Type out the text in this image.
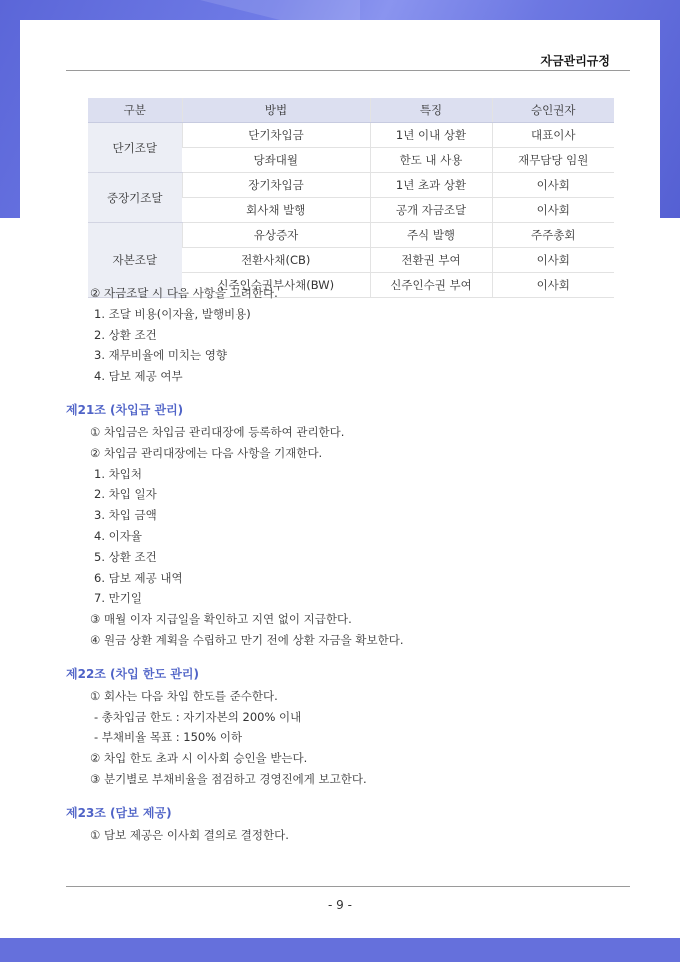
자금관리규정
구분	방법	특징	승인권자
단기조달	단기차입금	1년 이내 상환	대표이사
	당좌대월	한도 내 사용	재무담당 임원
중장기조달	장기차입금	1년 초과 상환	이사회
	회사채 발행	공개 자금조달	이사회
자본조달	유상증자	주식 발행	주주총회
	전환사채(CB)	전환권 부여	이사회
	신주인수권부사채(BW)	신주인수권 부여	이사회
② 자금조달 시 다음 사항을 고려한다.
1. 조달 비용(이자율, 발행비용)
2. 상환 조건
3. 재무비율에 미치는 영향
4. 담보 제공 여부
제21조 (차입금 관리)
① 차입금은 차입금 관리대장에 등록하여 관리한다.
② 차입금 관리대장에는 다음 사항을 기재한다.
1. 차입처
2. 차입 일자
3. 차입 금액
4. 이자율
5. 상환 조건
6. 담보 제공 내역
7. 만기일
③ 매월 이자 지급일을 확인하고 지연 없이 지급한다.
④ 원금 상환 계획을 수립하고 만기 전에 상환 자금을 확보한다.
제22조 (차입 한도 관리)
① 회사는 다음 차입 한도를 준수한다.
- 총차입금 한도 : 자기자본의 200% 이내
- 부채비율 목표 : 150% 이하
② 차입 한도 초과 시 이사회 승인을 받는다.
③ 분기별로 부채비율을 점검하고 경영진에게 보고한다.
제23조 (담보 제공)
① 담보 제공은 이사회 결의로 결정한다.
- 9 -
